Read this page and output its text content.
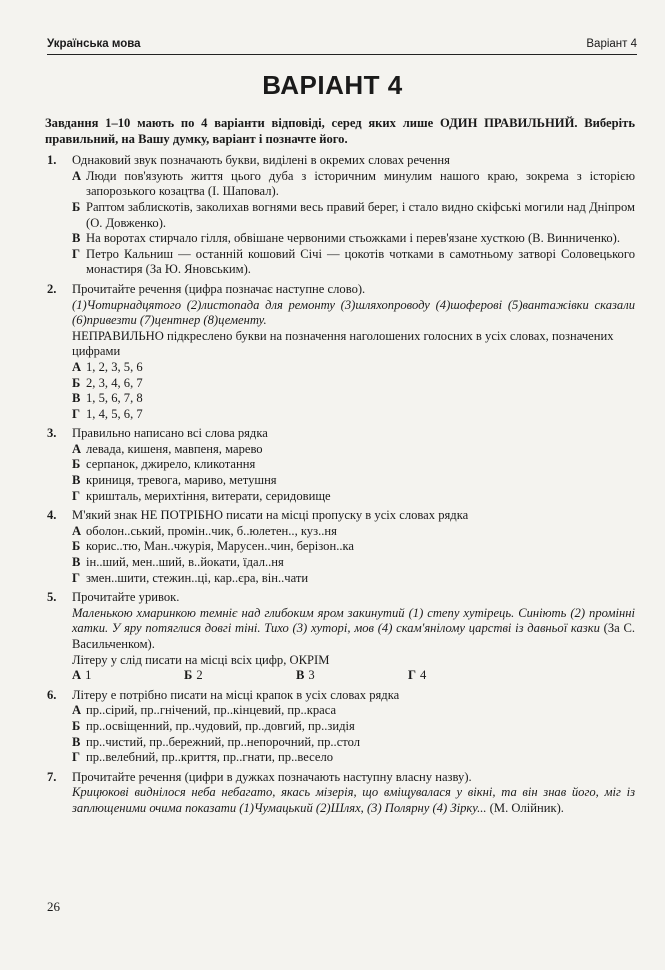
Українська мова	Варіант 4
ВАРІАНТ 4
Завдання 1–10 мають по 4 варіанти відповіді, серед яких лише ОДИН ПРАВИЛЬНИЙ. Виберіть правильний, на Вашу думку, варіант і позначте його.
1. Однаковий звук позначають букви, виділені в окремих словах речення
А Люди пов'язують життя цього дуба з історичним минулим нашого краю, зокрема з історією запорозького козацтва (І. Шаповал).
Б Раптом заблискотів, заколихав вогнями весь правий берег, і стало видно скіфські могили над Дніпром (О. Довженко).
В На воротах стирчало гілля, обвішане червоними стьожками і перев'язане хусткою (В. Винниченко).
Г Петро Кальниш — останній кошовий Січі — цокотів чотками в самотньому затворі Соловецького монастиря (За Ю. Яновським).
2. Прочитайте речення (цифра позначає наступне слово).
(1)Чотирнадцятого (2)листопада для ремонту (3)шляхопроводу (4)шоферові (5)вантажівки сказали (6)привезти (7)центнер (8)цементу.
НЕПРАВИЛЬНО підкреслено букви на позначення наголошених голосних в усіх словах, позначених цифрами
А 1, 2, 3, 5, 6
Б 2, 3, 4, 6, 7
В 1, 5, 6, 7, 8
Г 1, 4, 5, 6, 7
3. Правильно написано всі слова рядка
А левада, кишеня, мавпеня, марево
Б серпанок, джирело, кликотання
В криниця, тревога, мариво, метушня
Г кришталь, мерихтіння, витерати, серидовище
4. М'який знак НЕ ПОТРІБНО писати на місці пропуску в усіх словах рядка
А оболон..ський, промін..чик, б..юлетен.., куз..ня
Б корис..тю, Ман..чжурія, Марусен..чин, берізон..ка
В ін..ший, мен..ший, в..йокати, їдал..ня
Г змен..шити, стежин..ці, кар..єра, він..чати
5. Прочитайте уривок.
Маленькою хмаринкою темніє над глибоким яром закинутий (1) степу хутірець. Синіють (2) промінні хатки. У яру потяглися довгі тіні. Тихо (3) хуторі, мов (4) скам'янілому царстві із давньої казки (За С. Васильченком).
Літеру у слід писати на місці всіх цифр, ОКРІМ
А 1	Б 2	В 3	Г 4
6. Літеру е потрібно писати на місці крапок в усіх словах рядка
А пр..сірий, пр..гнічений, пр..кінцевий, пр..краса
Б пр..освіщенний, пр..чудовий, пр..довгий, пр..зидія
В пр..чистий, пр..бережний, пр..непорочний, пр..стол
Г пр..велебний, пр..криття, пр..гнати, пр..весело
7. Прочитайте речення (цифри в дужках позначають наступну власну назву).
Крицюкові виднілося неба небагато, якась мізерія, що вміщувалася у вікні, та він знав його, міг із заплющеними очима показати (1)Чумацький (2)Шлях, (3) Полярну (4) Зірку... (М. Олійник).
26
